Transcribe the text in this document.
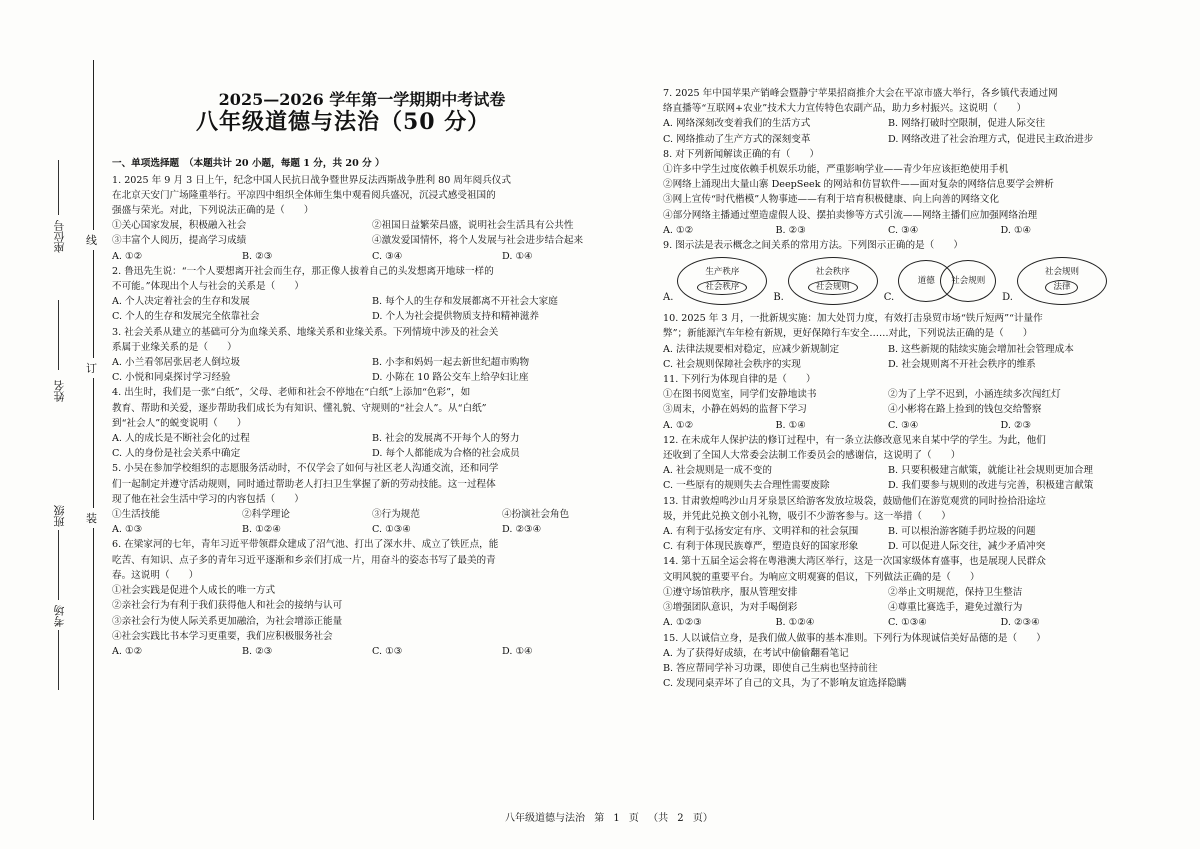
座位号
姓名
班级
考场
线
订
装
2025—2026 学年第一学期期中考试卷
八年级道德与法治（50 分）
一、单项选择题　（本题共计 20 小题，每题 1 分，共 20 分 ）
1. 2025 年 9 月 3 日上午，纪念中国人民抗日战争暨世界反法西斯战争胜利 80 周年阅兵仪式
在北京天安门广场隆重举行。平凉四中组织全体师生集中观看阅兵盛况，沉浸式感受祖国的
强盛与荣光。对此，下列说法正确的是（　　）
①关心国家发展，积极融入社会	②祖国日益繁荣昌盛，说明社会生活具有公共性
③丰富个人阅历，提高学习成绩	④激发爱国情怀，将个人发展与社会进步结合起来
A. ①②	B. ②③	C. ③④	D. ①④
2. 鲁迅先生说：“一个人要想离开社会而生存，那正像人拔着自己的头发想离开地球一样的
不可能。”体现出个人与社会的关系是（　　）
A. 个人决定着社会的生存和发展	B. 每个人的生存和发展都离不开社会大家庭
C. 个人的生存和发展完全依靠社会	D. 个人为社会提供物质支持和精神滋养
3. 社会关系从建立的基础可分为血缘关系、地缘关系和业缘关系。下列情境中涉及的社会关
系属于业缘关系的是（　　）
A. 小兰看邻居张居老人倒垃圾	B. 小李和妈妈一起去新世纪超市购物
C. 小悦和同桌探讨学习经验	D. 小陈在 10 路公交车上给孕妇让座
4. 出生时，我们是一张“白纸”，父母、老师和社会不停地在“白纸”上添加“色彩”，如
教育、帮助和关爱，逐步帮助我们成长为有知识、懂礼貌、守规则的“社会人”。从“白纸”
到“社会人”的蜕变说明（　　）
A. 人的成长是不断社会化的过程	B. 社会的发展离不开每个人的努力
C. 人的身份是社会关系中确定	D. 每个人都能成为合格的社会成员
5. 小吴在参加学校组织的志愿服务活动时，不仅学会了如何与社区老人沟通交流，还和同学
们一起制定并遵守活动规则，同时通过帮助老人打扫卫生掌握了新的劳动技能。这一过程体
现了他在社会生活中学习的内容包括（　　）
①生活技能	②科学理论	③行为规范	④扮演社会角色
A. ①③	B. ①②④	C. ①③④	D. ②③④
6. 在梁家河的七年，青年习近平带领群众建成了沼气池、打出了深水井、成立了铁匠点，能
吃苦、有知识、点子多的青年习近平逐渐和乡亲们打成一片，用奋斗的姿态书写了最美的青
春。这说明（　　）
①社会实践是促进个人成长的唯一方式
②亲社会行为有利于我们获得他人和社会的接纳与认可
③亲社会行为使人际关系更加融洽，为社会增添正能量
④社会实践比书本学习更重要，我们应积极服务社会
A. ①②	B. ②③	C. ①③	D. ①④
7. 2025 年中国苹果产销峰会暨静宁苹果招商推介大会在平凉市盛大举行，各乡镇代表通过网
络直播等“互联网+农业”技术大力宣传特色农副产品，助力乡村振兴。这说明（　　）
A. 网络深刻改变着我们的生活方式	B. 网络打破时空限制，促进人际交往
C. 网络推动了生产方式的深刻变革	D. 网络改进了社会治理方式，促进民主政治进步
8. 对下列新闻解读正确的有（　　）
①许多中学生过度依赖手机娱乐功能，严重影响学业——青少年应该拒绝使用手机
②网络上涌现出大量山寨 DeepSeek 的网站和仿冒软件——面对复杂的网络信息要学会辨析
③网上宣传“时代楷模”人物事迹——有利于培育积极健康、向上向善的网络文化
④部分网络主播通过塑造虚假人设、摆拍卖惨等方式引流——网络主播们应加强网络治理
A. ①②	B. ②③	C. ③④	D. ①④
9. 图示法是表示概念之间关系的常用方法。下列图示正确的是（　　）
A.
生产秩序
社会秩序
B.
社会秩序
社会规则
C.
道德	社会规则
D.
社会规则
法律
10. 2025 年 3 月，一批新规实施：加大处罚力度，有效打击泉贸市场“铁斤短两”“计量作
弊”；新能源汽车年检有新规，更好保障行车安全……对此，下列说法正确的是（　　）
A. 法律法规要相对稳定，应减少新规制定	B. 这些新规的陆续实施会增加社会管理成本
C. 社会规则保障社会秩序的实现	D. 社会规则离不开社会秩序的维系
11. 下列行为体现自律的是（　　）
①在图书阅览室，同学们安静地读书	②为了上学不迟到，小涵连续多次闯红灯
③周末，小静在妈妈的监督下学习	④小彬将在路上捡到的钱包交给警察
A. ①②	B. ①④	C. ③④	D. ②③
12. 在未成年人保护法的修订过程中，有一条立法修改意见来自某中学的学生。为此，他们
还收到了全国人大常委会法制工作委员会的感谢信，这说明了（　　）
A. 社会规则是一成不变的	B. 只要积极建言献策，就能让社会规则更加合理
C. 一些原有的规则失去合理性需要废除	D. 我们要参与规则的改进与完善，积极建言献策
13. 甘肃敦煌鸣沙山月牙泉景区给游客发放垃圾袋，鼓励他们在游览观赏的同时捡拾沿途垃
圾，并凭此兑换文创小礼物，吸引不少游客参与。这一举措（　　）
A. 有利于弘扬安定有序、文明祥和的社会氛围	B. 可以根治游客随手扔垃圾的问题
C. 有利于体现民族尊严，塑造良好的国家形象	D. 可以促进人际交往，减少矛盾冲突
14. 第十五届全运会将在粤港澳大湾区举行，这是一次国家级体育盛事，也是展现人民群众
文明风貌的重要平台。为响应文明观赛的倡议，下列做法正确的是（　　）
①遵守场馆秩序，服从管理安排	②举止文明规范，保持卫生整洁
③增强团队意识，为对手喝倒彩	④尊重比赛选手，避免过激行为
A. ①②③	B. ①②④	C. ①③④	D. ②③④
15. 人以诚信立身，是我们做人做事的基本准则。下列行为体现诚信美好品德的是（　　）
A. 为了获得好成绩，在考试中偷偷翻看笔记
B. 答应帮同学补习功课，即使自己生病也坚持前往
C. 发现同桌弄坏了自己的文具，为了不影响友谊选择隐瞒
八年级道德与法治 第 1 页 （共 2 页）
